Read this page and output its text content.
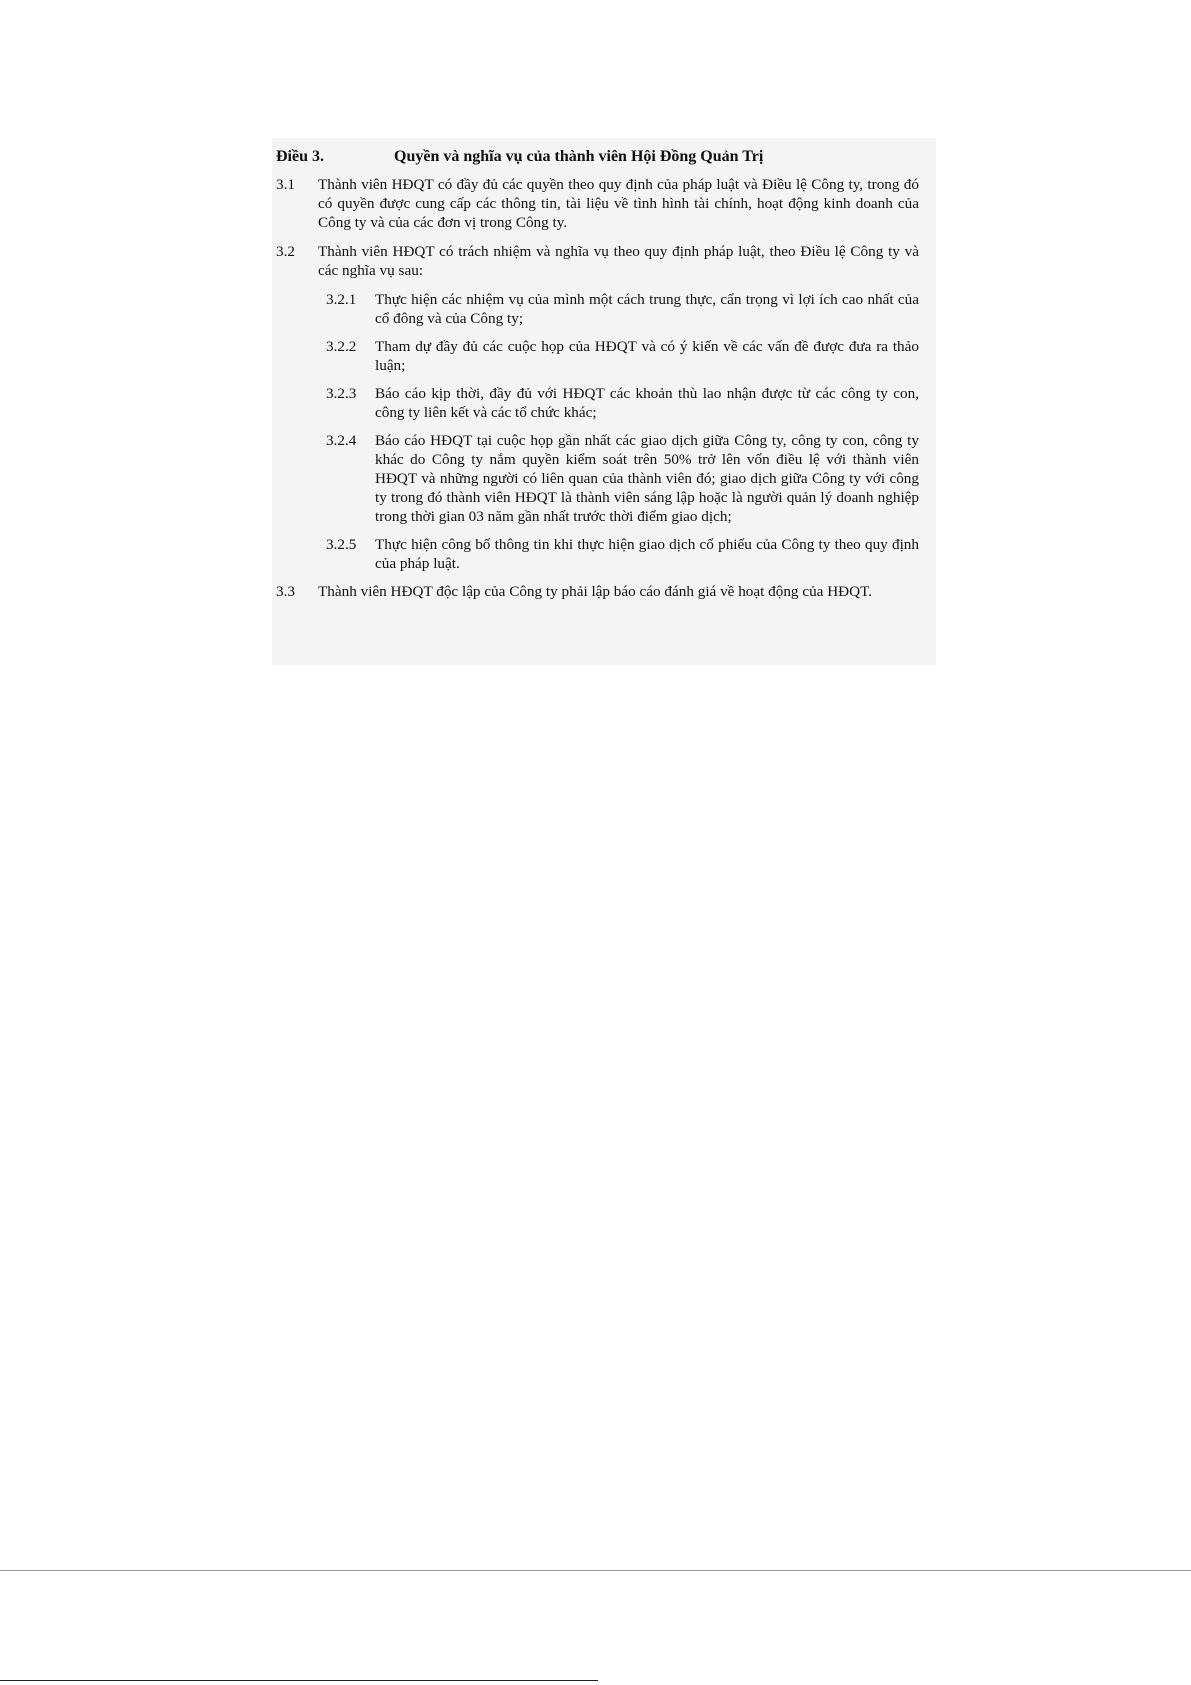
Điều 3.	Quyền và nghĩa vụ của thành viên Hội Đồng Quản Trị
3.1	Thành viên HĐQT có đầy đủ các quyền theo quy định của pháp luật và Điều lệ Công ty, trong đó có quyền được cung cấp các thông tin, tài liệu về tình hình tài chính, hoạt động kinh doanh của Công ty và của các đơn vị trong Công ty.
3.2	Thành viên HĐQT có trách nhiệm và nghĩa vụ theo quy định pháp luật, theo Điều lệ Công ty và các nghĩa vụ sau:
3.2.1	Thực hiện các nhiệm vụ của mình một cách trung thực, cẩn trọng vì lợi ích cao nhất của cổ đông và của Công ty;
3.2.2	Tham dự đầy đủ các cuộc họp của HĐQT và có ý kiến về các vấn đề được đưa ra thảo luận;
3.2.3	Báo cáo kịp thời, đầy đủ với HĐQT các khoản thù lao nhận được từ các công ty con, công ty liên kết và các tổ chức khác;
3.2.4	Báo cáo HĐQT tại cuộc họp gần nhất các giao dịch giữa Công ty, công ty con, công ty khác do Công ty nắm quyền kiểm soát trên 50% trở lên vốn điều lệ với thành viên HĐQT và những người có liên quan của thành viên đó; giao dịch giữa Công ty với công ty trong đó thành viên HĐQT là thành viên sáng lập hoặc là người quản lý doanh nghiệp trong thời gian 03 năm gần nhất trước thời điểm giao dịch;
3.2.5	Thực hiện công bố thông tin khi thực hiện giao dịch cổ phiếu của Công ty theo quy định của pháp luật.
3.3	Thành viên HĐQT độc lập của Công ty phải lập báo cáo đánh giá về hoạt động của HĐQT.
